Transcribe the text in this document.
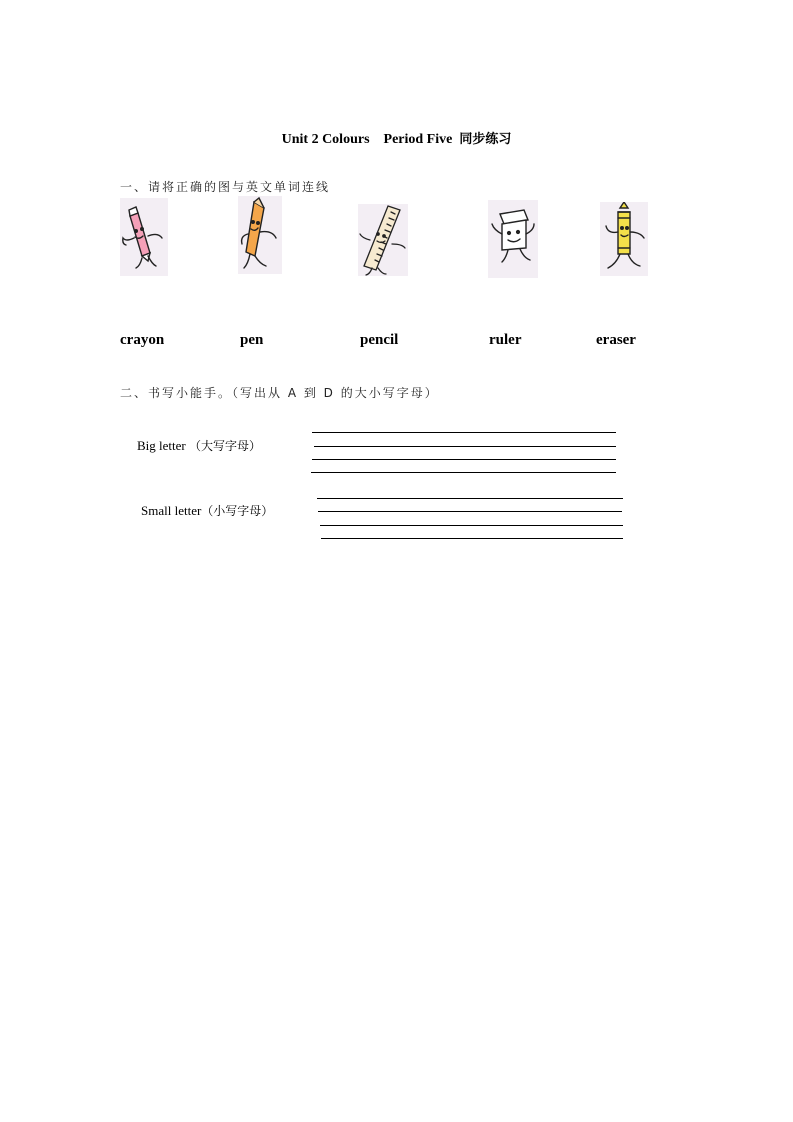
Unit 2 Colours    Period Five 同步练习
一、请将正确的图与英文单词连线
crayon	pen	pencil	ruler	eraser
二、书写小能手。（写出从 A 到 D 的大小写字母）
Big letter （大写字母）
Small letter（小写字母）
